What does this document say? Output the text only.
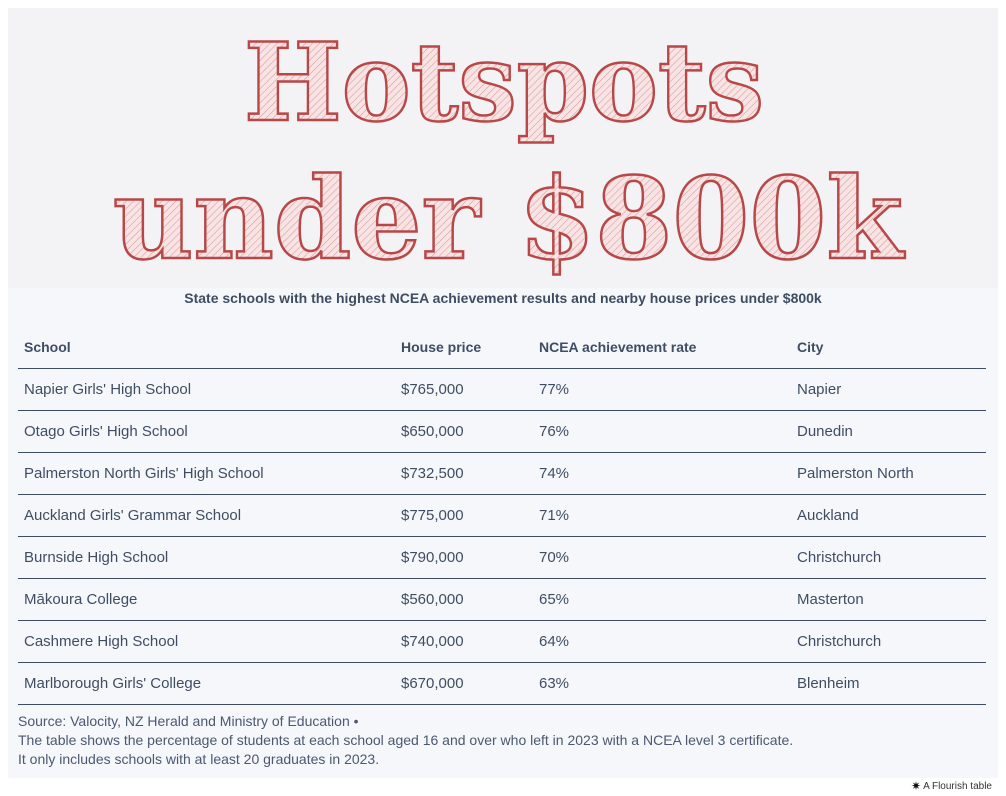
Hotspots
under $800k
State schools with the highest NCEA achievement results and nearby house prices under $800k
School	House price	NCEA achievement rate	City
Napier Girls' High School	$765,000	77%	Napier
Otago Girls' High School	$650,000	76%	Dunedin
Palmerston North Girls' High School	$732,500	74%	Palmerston North
Auckland Girls' Grammar School	$775,000	71%	Auckland
Burnside High School	$790,000	70%	Christchurch
Mākoura College	$560,000	65%	Masterton
Cashmere High School	$740,000	64%	Christchurch
Marlborough Girls' College	$670,000	63%	Blenheim
Source: Valocity, NZ Herald and Ministry of Education •
The table shows the percentage of students at each school aged 16 and over who left in 2023 with a NCEA level 3 certificate.
It only includes schools with at least 20 graduates in 2023.
✷ A Flourish table
